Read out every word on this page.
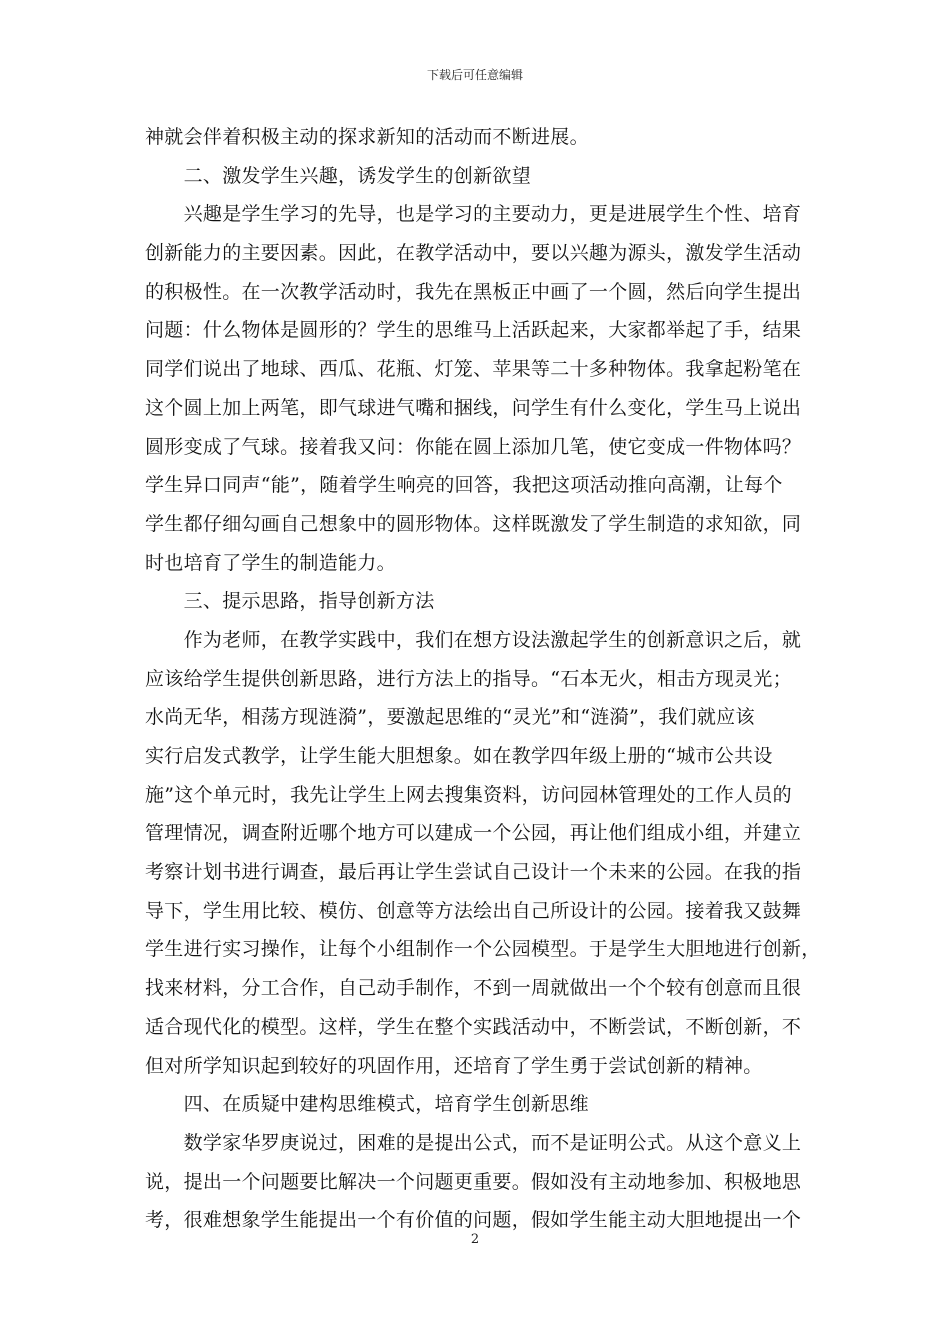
下载后可任意编辑
神就会伴着积极主动的探求新知的活动而不断进展。
　　二、激发学生兴趣，诱发学生的创新欲望
　　兴趣是学生学习的先导，也是学习的主要动力，更是进展学生个性、培育
创新能力的主要因素。因此，在教学活动中，要以兴趣为源头，激发学生活动
的积极性。在一次教学活动时，我先在黑板正中画了一个圆，然后向学生提出
问题：什么物体是圆形的？学生的思维马上活跃起来，大家都举起了手，结果
同学们说出了地球、西瓜、花瓶、灯笼、苹果等二十多种物体。我拿起粉笔在
这个圆上加上两笔，即气球进气嘴和捆线，问学生有什么变化，学生马上说出
圆形变成了气球。接着我又问：你能在圆上添加几笔，使它变成一件物体吗？
学生异口同声“能”，随着学生响亮的回答，我把这项活动推向高潮，让每个
学生都仔细勾画自己想象中的圆形物体。这样既激发了学生制造的求知欲，同
时也培育了学生的制造能力。
　　三、提示思路，指导创新方法
　　作为老师，在教学实践中，我们在想方设法激起学生的创新意识之后，就
应该给学生提供创新思路，进行方法上的指导。“石本无火，相击方现灵光；
水尚无华，相荡方现涟漪”，要激起思维的“灵光”和“涟漪”，我们就应该
实行启发式教学，让学生能大胆想象。如在教学四年级上册的“城市公共设
施”这个单元时，我先让学生上网去搜集资料，访问园林管理处的工作人员的
管理情况，调查附近哪个地方可以建成一个公园，再让他们组成小组，并建立
考察计划书进行调查，最后再让学生尝试自己设计一个未来的公园。在我的指
导下，学生用比较、模仿、创意等方法绘出自己所设计的公园。接着我又鼓舞
学生进行实习操作，让每个小组制作一个公园模型。于是学生大胆地进行创新，
找来材料，分工合作，自己动手制作，不到一周就做出一个个较有创意而且很
适合现代化的模型。这样，学生在整个实践活动中，不断尝试，不断创新，不
但对所学知识起到较好的巩固作用，还培育了学生勇于尝试创新的精神。
　　四、在质疑中建构思维模式，培育学生创新思维
　　数学家华罗庚说过，困难的是提出公式，而不是证明公式。从这个意义上
说，提出一个问题要比解决一个问题更重要。假如没有主动地参加、积极地思
考，很难想象学生能提出一个有价值的问题，假如学生能主动大胆地提出一个
2
